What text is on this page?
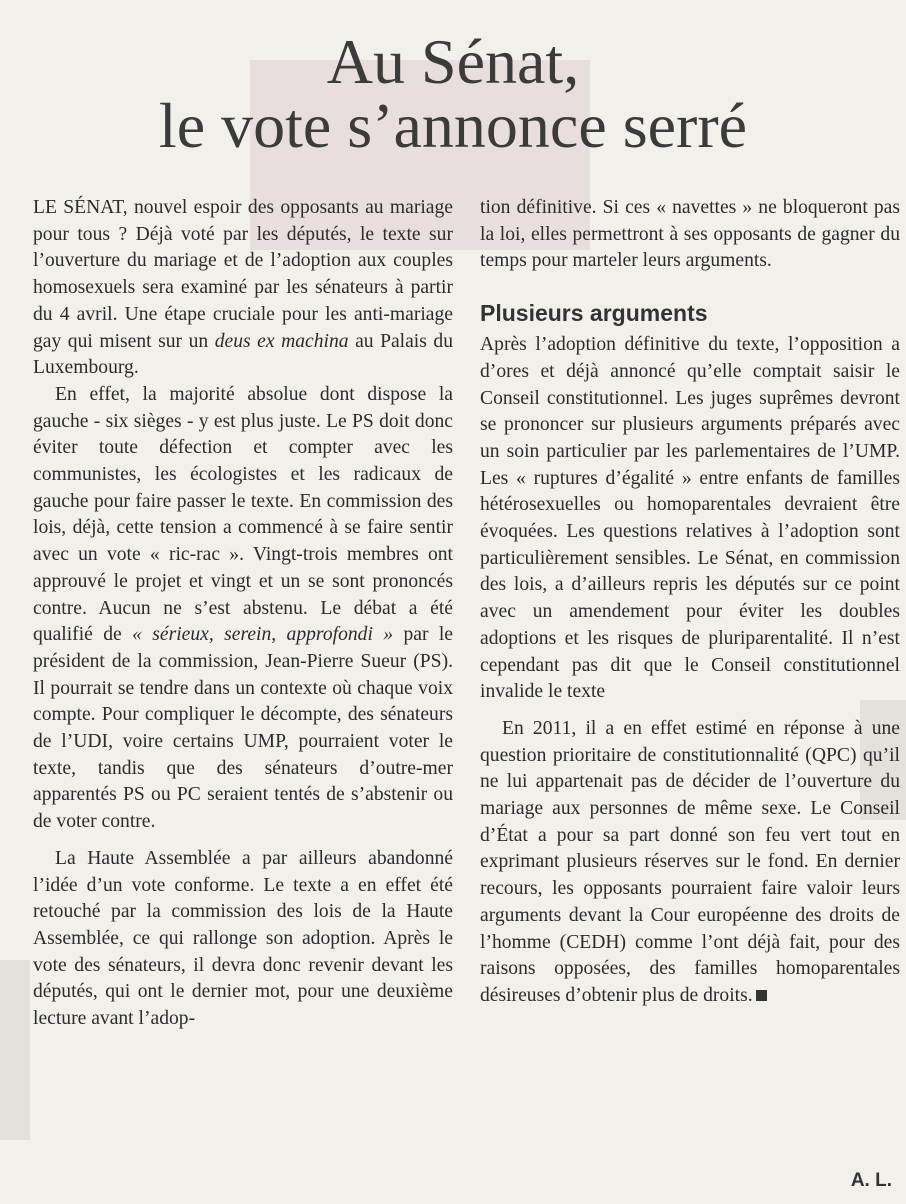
Au Sénat,
le vote s’annonce serré

LE SÉNAT, nouvel espoir des opposants au mariage pour tous ? Déjà voté par les députés, le texte sur l’ouverture du mariage et de l’adoption aux couples homosexuels sera examiné par les sénateurs à partir du 4 avril. Une étape cruciale pour les anti-mariage gay qui misent sur un deus ex machina au Palais du Luxembourg.

En effet, la majorité absolue dont dispose la gauche - six sièges - y est plus juste. Le PS doit donc éviter toute défection et compter avec les communistes, les écologistes et les radicaux de gauche pour faire passer le texte. En commission des lois, déjà, cette tension a commencé à se faire sentir avec un vote « ric-rac ». Vingt-trois membres ont approuvé le projet et vingt et un se sont prononcés contre. Aucun ne s’est abstenu. Le débat a été qualifié de « sérieux, serein, approfondi » par le président de la commission, Jean-Pierre Sueur (PS). Il pourrait se tendre dans un contexte où chaque voix compte. Pour compliquer le décompte, des sénateurs de l’UDI, voire certains UMP, pourraient voter le texte, tandis que des sénateurs d’outre-mer apparentés PS ou PC seraient tentés de s’abstenir ou de voter contre.

La Haute Assemblée a par ailleurs abandonné l’idée d’un vote conforme. Le texte a en effet été retouché par la commission des lois de la Haute Assemblée, ce qui rallonge son adoption. Après le vote des sénateurs, il devra donc revenir devant les députés, qui ont le dernier mot, pour une deuxième lecture avant l’adop-

tion définitive. Si ces « navettes » ne bloqueront pas la loi, elles permettront à ses opposants de gagner du temps pour marteler leurs arguments.

Plusieurs arguments

Après l’adoption définitive du texte, l’opposition a d’ores et déjà annoncé qu’elle comptait saisir le Conseil constitutionnel. Les juges suprêmes devront se prononcer sur plusieurs arguments préparés avec un soin particulier par les parlementaires de l’UMP. Les « ruptures d’égalité » entre enfants de familles hétérosexuelles ou homoparentales devraient être évoquées. Les questions relatives à l’adoption sont particulièrement sensibles. Le Sénat, en commission des lois, a d’ailleurs repris les députés sur ce point avec un amendement pour éviter les doubles adoptions et les risques de pluriparentalité. Il n’est cependant pas dit que le Conseil constitutionnel invalide le texte

En 2011, il a en effet estimé en réponse à une question prioritaire de constitutionnalité (QPC) qu’il ne lui appartenait pas de décider de l’ouverture du mariage aux personnes de même sexe. Le Conseil d’État a pour sa part donné son feu vert tout en exprimant plusieurs réserves sur le fond. En dernier recours, les opposants pourraient faire valoir leurs arguments devant la Cour européenne des droits de l’homme (CEDH) comme l’ont déjà fait, pour des raisons opposées, des familles homoparentales désireuses d’obtenir plus de droits.

A. L.
